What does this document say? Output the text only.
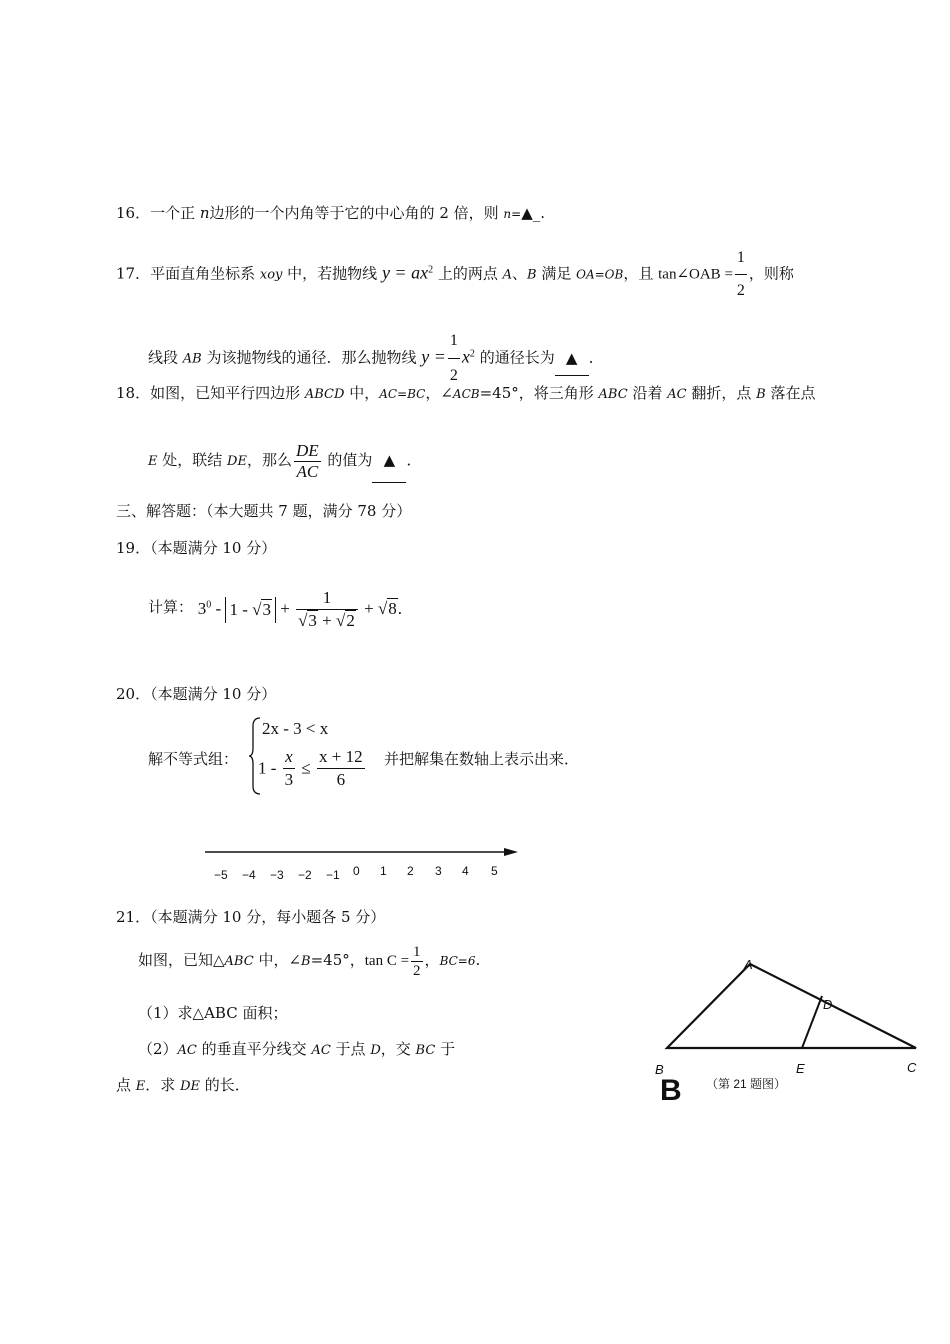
16．一个正 n边形的一个内角等于它的中心角的 2 倍，则 n=▲_.
17．平面直角坐标系 xoy 中，若抛物线 $y = ax^2$ 上的两点 A、B 满足 OA=OB，且 tan∠OAB = $\frac{1}{2}$ ，则称
线段 AB 为该抛物线的通径．那么抛物线 $y = \frac{1}{2} x^2$ 的通径长为 ▲ ．
18．如图，已知平行四边形 ABCD 中，AC=BC，∠ACB=45°，将三角形 ABC 沿着 AC 翻折，点 B 落在点
E 处，联结 DE，那么 $\frac{DE}{AC}$ 的值为 ▲ ．
三、解答题：（本大题共 7 题，满分 78 分）
19．（本题满分 10 分）
计算： $3^0 - 1 - √3 + \frac{1}{√3 + √2} + √8$.
20．（本题满分 10 分）
解不等式组：
2x - 3 < x
$1 - \frac{x}{3} \le \frac{x + 12}{6}$ 并把解集在数轴上表示出来．
−5 −4 −3 −2 −1 0 1 2 3 4 5
21．（本题满分 10 分，每小题各 5 分）
如图，已知△ABC 中，∠B=45°，$\tan C = \frac{1}{2}$ ，BC=6.
（1）求△ABC 面积；
（2）AC 的垂直平分线交 AC 于点 D，交 BC 于
点 E．求 DE 的长．
A
D
B	E	C
（第 21 题图）
B
